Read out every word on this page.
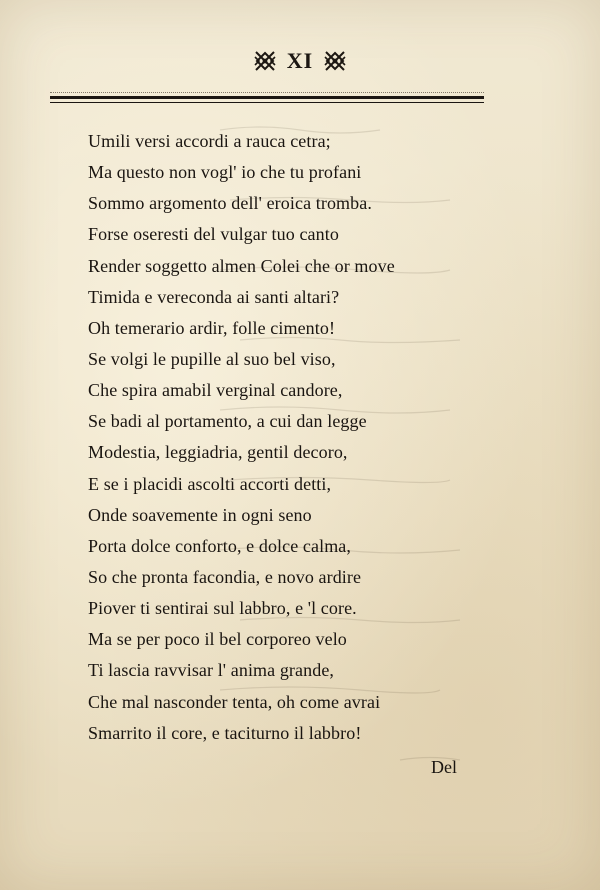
XI
Umili versi accordi a rauca cetra;
Ma questo non vogl' io che tu profani
Sommo argomento dell' eroica tromba.
Forse oseresti del vulgar tuo canto
Render soggetto almen Colei che or move
Timida e vereconda ai santi altari?
Oh temerario ardir, folle cimento!
Se volgi le pupille al suo bel viso,
Che spira amabil verginal candore,
Se badi al portamento, a cui dan legge
Modestia, leggiadria, gentil decoro,
E se i placidi ascolti accorti detti,
Onde soavemente in ogni seno
Porta dolce conforto, e dolce calma,
So che pronta facondia, e novo ardire
Piover ti sentirai sul labbro, e 'l core.
Ma se per poco il bel corporeo velo
Ti lascia ravvisar l' anima grande,
Che mal nasconder tenta, oh come avrai
Smarrito il core, e taciturno il labbro!
Del
